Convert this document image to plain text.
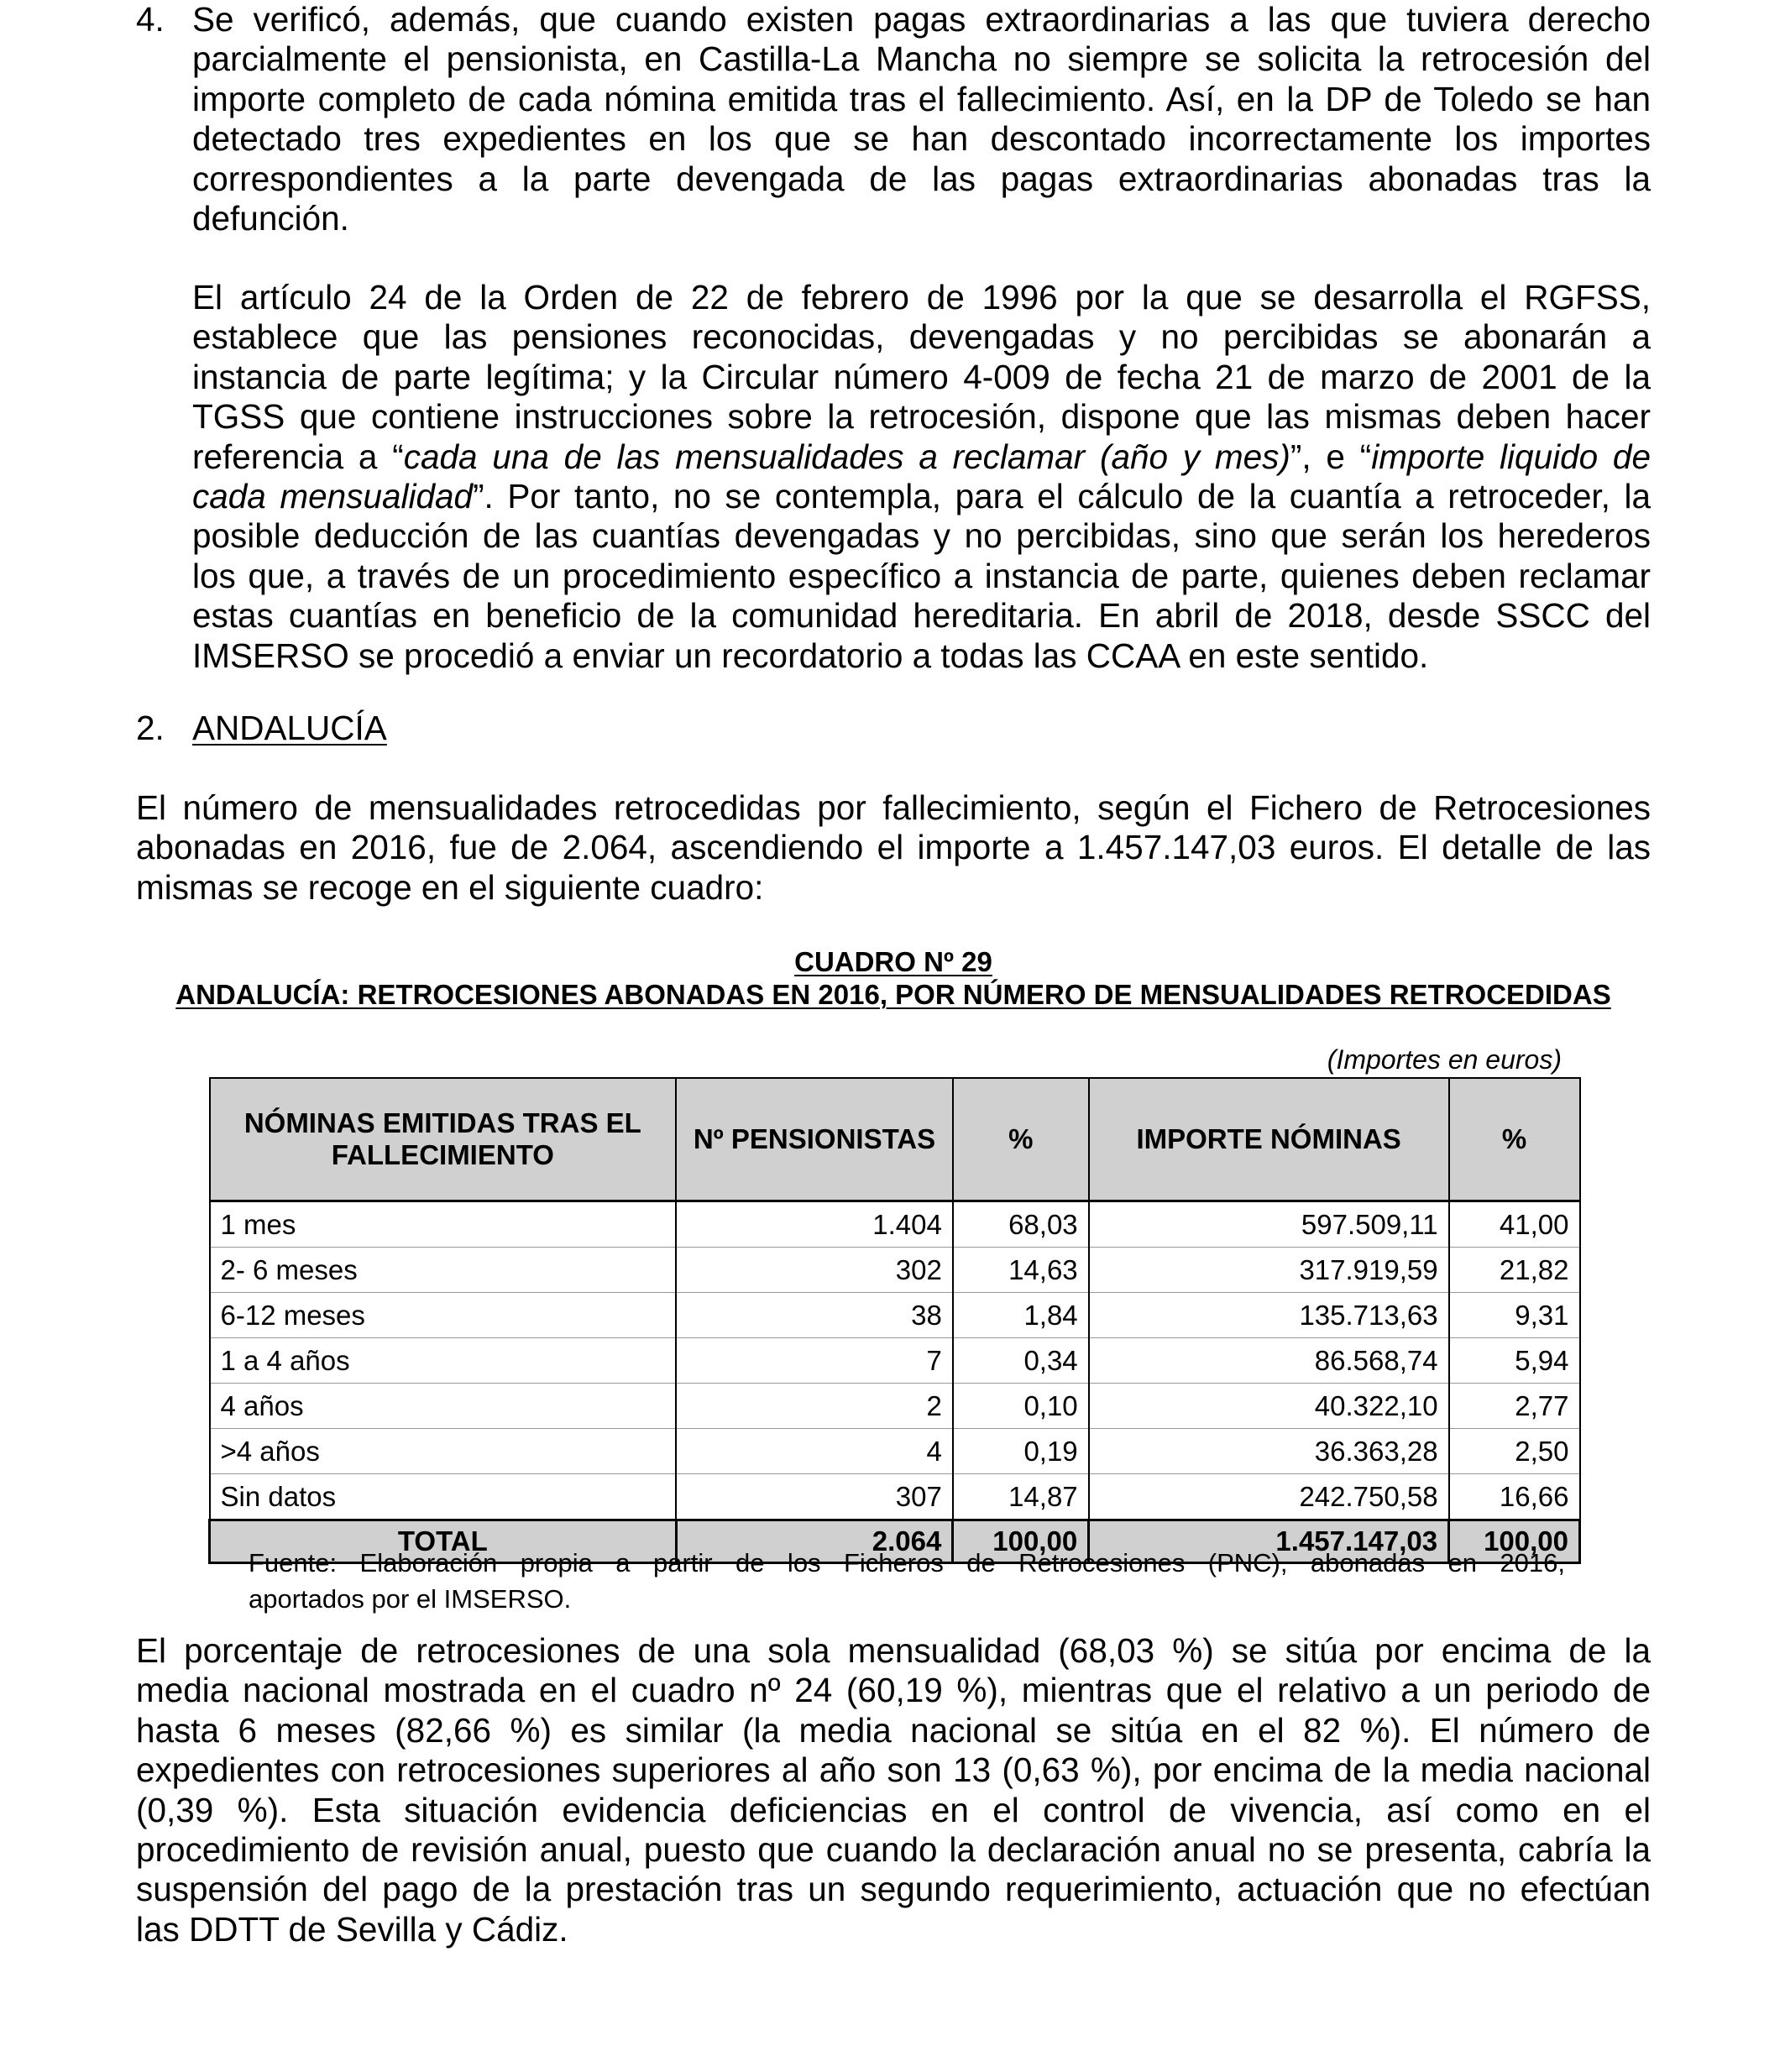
4. Se verificó, además, que cuando existen pagas extraordinarias a las que tuviera derecho
parcialmente el pensionista, en Castilla-La Mancha no siempre se solicita la retrocesión del
importe completo de cada nómina emitida tras el fallecimiento. Así, en la DP de Toledo se han
detectado tres expedientes en los que se han descontado incorrectamente los importes
correspondientes a la parte devengada de las pagas extraordinarias abonadas tras la
defunción.
El artículo 24 de la Orden de 22 de febrero de 1996 por la que se desarrolla el RGFSS,
establece que las pensiones reconocidas, devengadas y no percibidas se abonarán a
instancia de parte legítima; y la Circular número 4-009 de fecha 21 de marzo de 2001 de la
TGSS que contiene instrucciones sobre la retrocesión, dispone que las mismas deben hacer
referencia a “cada una de las mensualidades a reclamar (año y mes)”, e “importe liquido de
cada mensualidad”. Por tanto, no se contempla, para el cálculo de la cuantía a retroceder, la
posible deducción de las cuantías devengadas y no percibidas, sino que serán los herederos
los que, a través de un procedimiento específico a instancia de parte, quienes deben reclamar
estas cuantías en beneficio de la comunidad hereditaria. En abril de 2018, desde SSCC del
IMSERSO se procedió a enviar un recordatorio a todas las CCAA en este sentido.
2. ANDALUCÍA
El número de mensualidades retrocedidas por fallecimiento, según el Fichero de Retrocesiones
abonadas en 2016, fue de 2.064, ascendiendo el importe a 1.457.147,03 euros. El detalle de las
mismas se recoge en el siguiente cuadro:
CUADRO Nº 29
ANDALUCÍA: RETROCESIONES ABONADAS EN 2016, POR NÚMERO DE MENSUALIDADES RETROCEDIDAS
(Importes en euros)
NÓMINAS EMITIDAS TRAS EL FALLECIMIENTO	Nº PENSIONISTAS	%	IMPORTE NÓMINAS	%
1 mes	1.404	68,03	597.509,11	41,00
2- 6 meses	302	14,63	317.919,59	21,82
6-12 meses	38	1,84	135.713,63	9,31
1 a 4 años	7	0,34	86.568,74	5,94
4 años	2	0,10	40.322,10	2,77
>4 años	4	0,19	36.363,28	2,50
Sin datos	307	14,87	242.750,58	16,66
TOTAL	2.064	100,00	1.457.147,03	100,00
Fuente: Elaboración propia a partir de los Ficheros de Retrocesiones (PNC), abonadas en 2016,
aportados por el IMSERSO.
El porcentaje de retrocesiones de una sola mensualidad (68,03 %) se sitúa por encima de la
media nacional mostrada en el cuadro nº 24 (60,19 %), mientras que el relativo a un periodo de
hasta 6 meses (82,66 %) es similar (la media nacional se sitúa en el 82 %). El número de
expedientes con retrocesiones superiores al año son 13 (0,63 %), por encima de la media nacional
(0,39 %). Esta situación evidencia deficiencias en el control de vivencia, así como en el
procedimiento de revisión anual, puesto que cuando la declaración anual no se presenta, cabría la
suspensión del pago de la prestación tras un segundo requerimiento, actuación que no efectúan
las DDTT de Sevilla y Cádiz.
